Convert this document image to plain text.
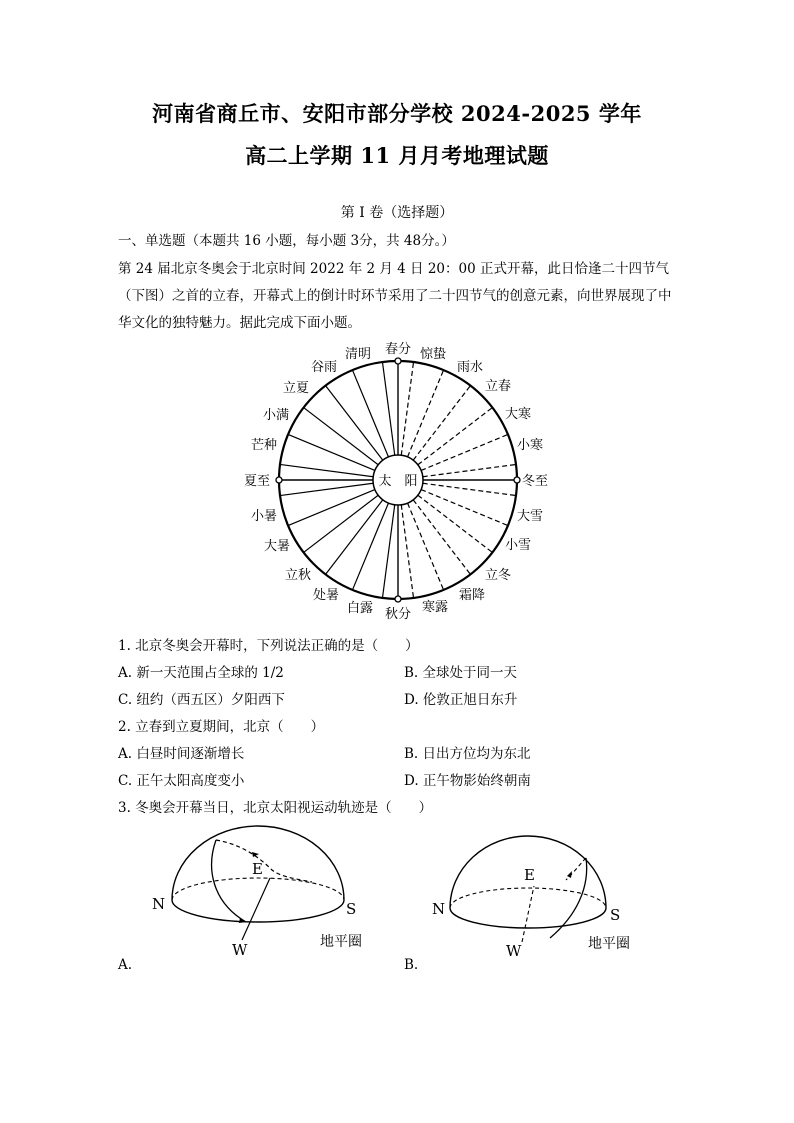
河南省商丘市、安阳市部分学校 2024-2025 学年
高二上学期 11 月月考地理试题
第 I 卷（选择题）
一、单选题（本题共 16 小题，每小题 3分，共 48分。）
第 24 届北京冬奥会于北京时间 2022 年 2 月 4 日 20：00 正式开幕，此日恰逢二十四节气（下图）之首的立春，开幕式上的倒计时环节采用了二十四节气的创意元素，向世界展现了中华文化的独特魅力。据此完成下面小题。
太　阳
春分 惊蛰
雨水
立春
大寒
小寒
冬至
大雪
小雪
立冬
霜降
寒露
秋分
白露
处暑
立秋
大暑
小暑
夏至
芒种
小满
立夏
谷雨
清明
1. 北京冬奥会开幕时，下列说法正确的是（　　）
A. 新一天范围占全球的 1/2	B. 全球处于同一天
C. 纽约（西五区）夕阳西下	D. 伦敦正旭日东升
2. 立春到立夏期间，北京（　　）
A. 白昼时间逐渐增长	B. 日出方位均为东北
C. 正午太阳高度变小	D. 正午物影始终朝南
3. 冬奥会开幕当日，北京太阳视运动轨迹是（　　）
N	S
E
W	地平圈
N	S
E
W	地平圈
A.	B.
